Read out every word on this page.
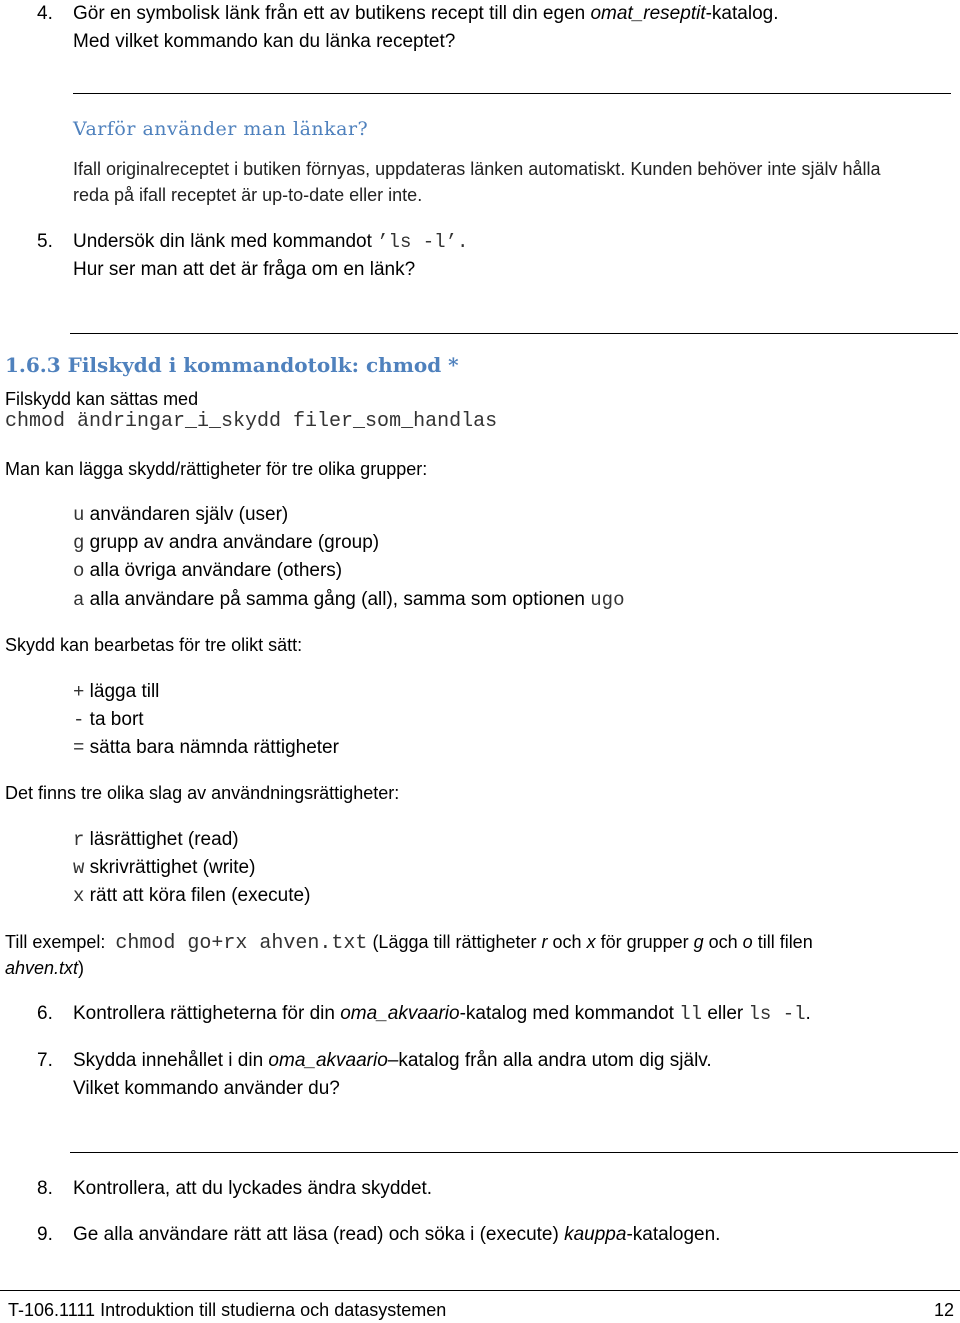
4. Gör en symbolisk länk från ett av butikens recept till din egen omat_reseptit-katalog.
Med vilket kommando kan du länka receptet?
Varför använder man länkar?
Ifall originalreceptet i butiken förnyas, uppdateras länken automatiskt. Kunden behöver inte själv hålla
reda på ifall receptet är up-to-date eller inte.
5. Undersök din länk med kommandot ’ls -l’.
Hur ser man att det är fråga om en länk?
1.6.3 Filskydd i kommandotolk: chmod *
Filskydd kan sättas med
chmod ändringar_i_skydd filer_som_handlas
Man kan lägga skydd/rättigheter för tre olika grupper:
u användaren själv (user)
g grupp av andra användare (group)
o alla övriga användare (others)
a alla användare på samma gång (all), samma som optionen ugo
Skydd kan bearbetas för tre olikt sätt:
+ lägga till
- ta bort
= sätta bara nämnda rättigheter
Det finns tre olika slag av användningsrättigheter:
r läsrättighet (read)
w skrivrättighet (write)
x rätt att köra filen (execute)
Till exempel: chmod go+rx ahven.txt (Lägga till rättigheter r och x för grupper g och o till filen
ahven.txt)
6. Kontrollera rättigheterna för din oma_akvaario-katalog med kommandot ll eller ls -l.
7. Skydda innehållet i din oma_akvaario–katalog från alla andra utom dig själv.
Vilket kommando använder du?
8. Kontrollera, att du lyckades ändra skyddet.
9. Ge alla användare rätt att läsa (read) och söka i (execute) kauppa-katalogen.
T-106.1111 Introduktion till studierna och datasystemen	12
